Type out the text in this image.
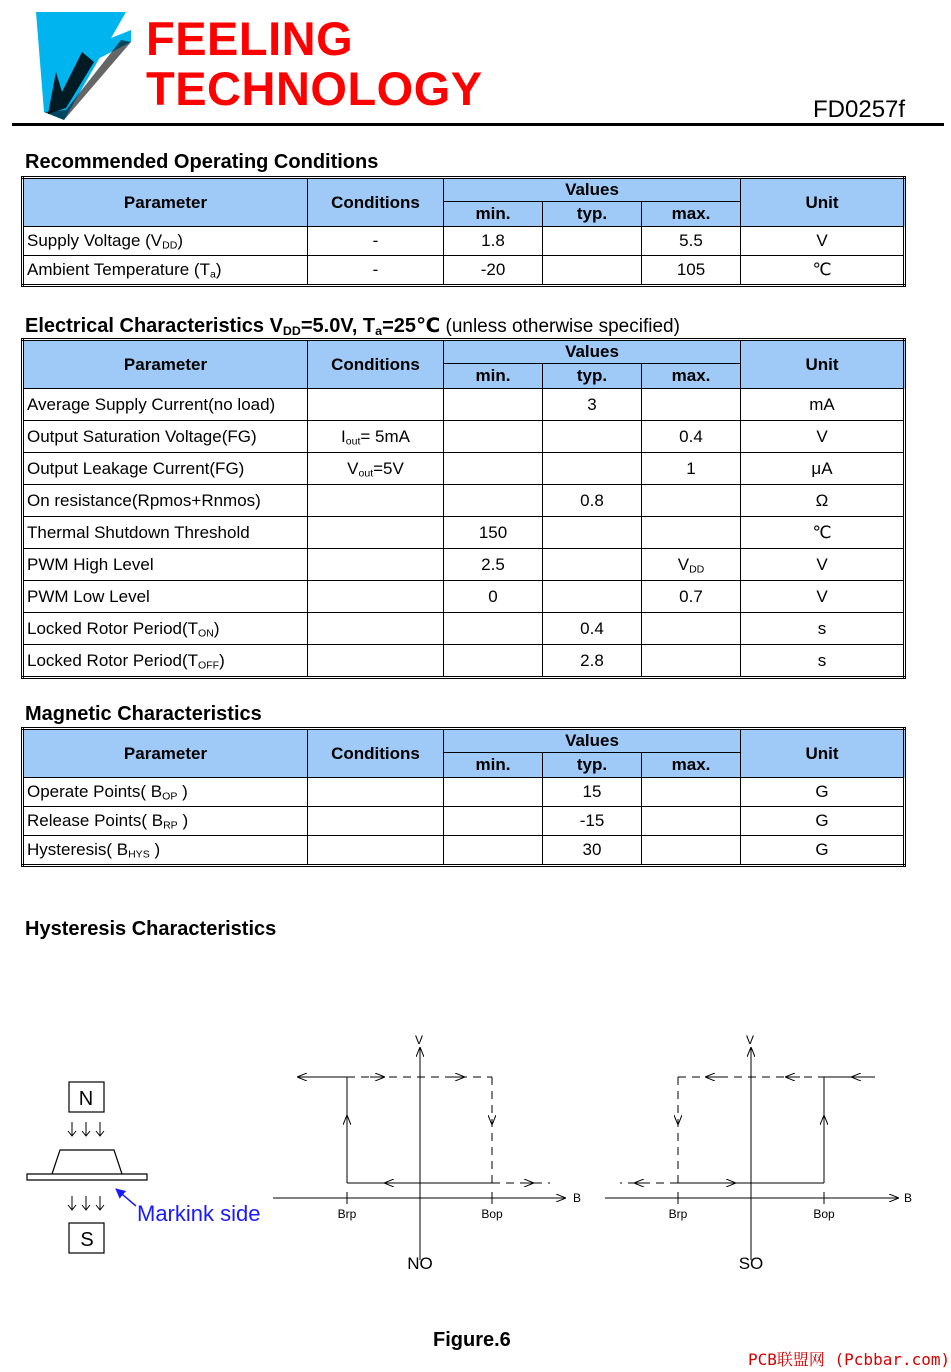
FEELING
TECHNOLOGY	FD0257f
Recommended Operating Conditions
Parameter	Conditions	Values			Unit
		min.	typ.	max.	
Supply Voltage $(V_{DD})$	-	1.8		5.5	V
Ambient Temperature $(T_a)$	-	-20		105	℃
Electrical Characteristics $V_{DD}=5.0V$, $T_a=25℃$ (unless otherwise specified)
Parameter	Conditions	Values			Unit
		min.	typ.	max.	
Average Supply Current(no load)			3		mA
Output Saturation Voltage(FG)	$I_{out}= 5mA$			0.4	V
Output Leakage Current(FG)	$V_{out}=5V$			1	μA
On resistance(Rpmos+Rnmos)			0.8		Ω
Thermal Shutdown Threshold		150			℃
PWM High Level		2.5		$V_{DD}$	V
PWM Low Level		0		0.7	V
Locked Rotor $Period(T_{ON})$			0.4		s
Locked Rotor $Period(T_{OFF})$			2.8		s
Magnetic Characteristics
Parameter	Conditions	Values			Unit
		min.	typ.	max.	
Operate Points( $B_{OP}$ )			15		G
Release Points( $B_{RP}$ )			-15		G
Hysteresis( $B_{HYS}$ )			30		G
Hysteresis Characteristics
N
S
Markink side
V
B
Brp	Bop
NO
V
B
Brp	Bop
SO
Figure.6
PCB联盟网 (Pcbbar.com)
